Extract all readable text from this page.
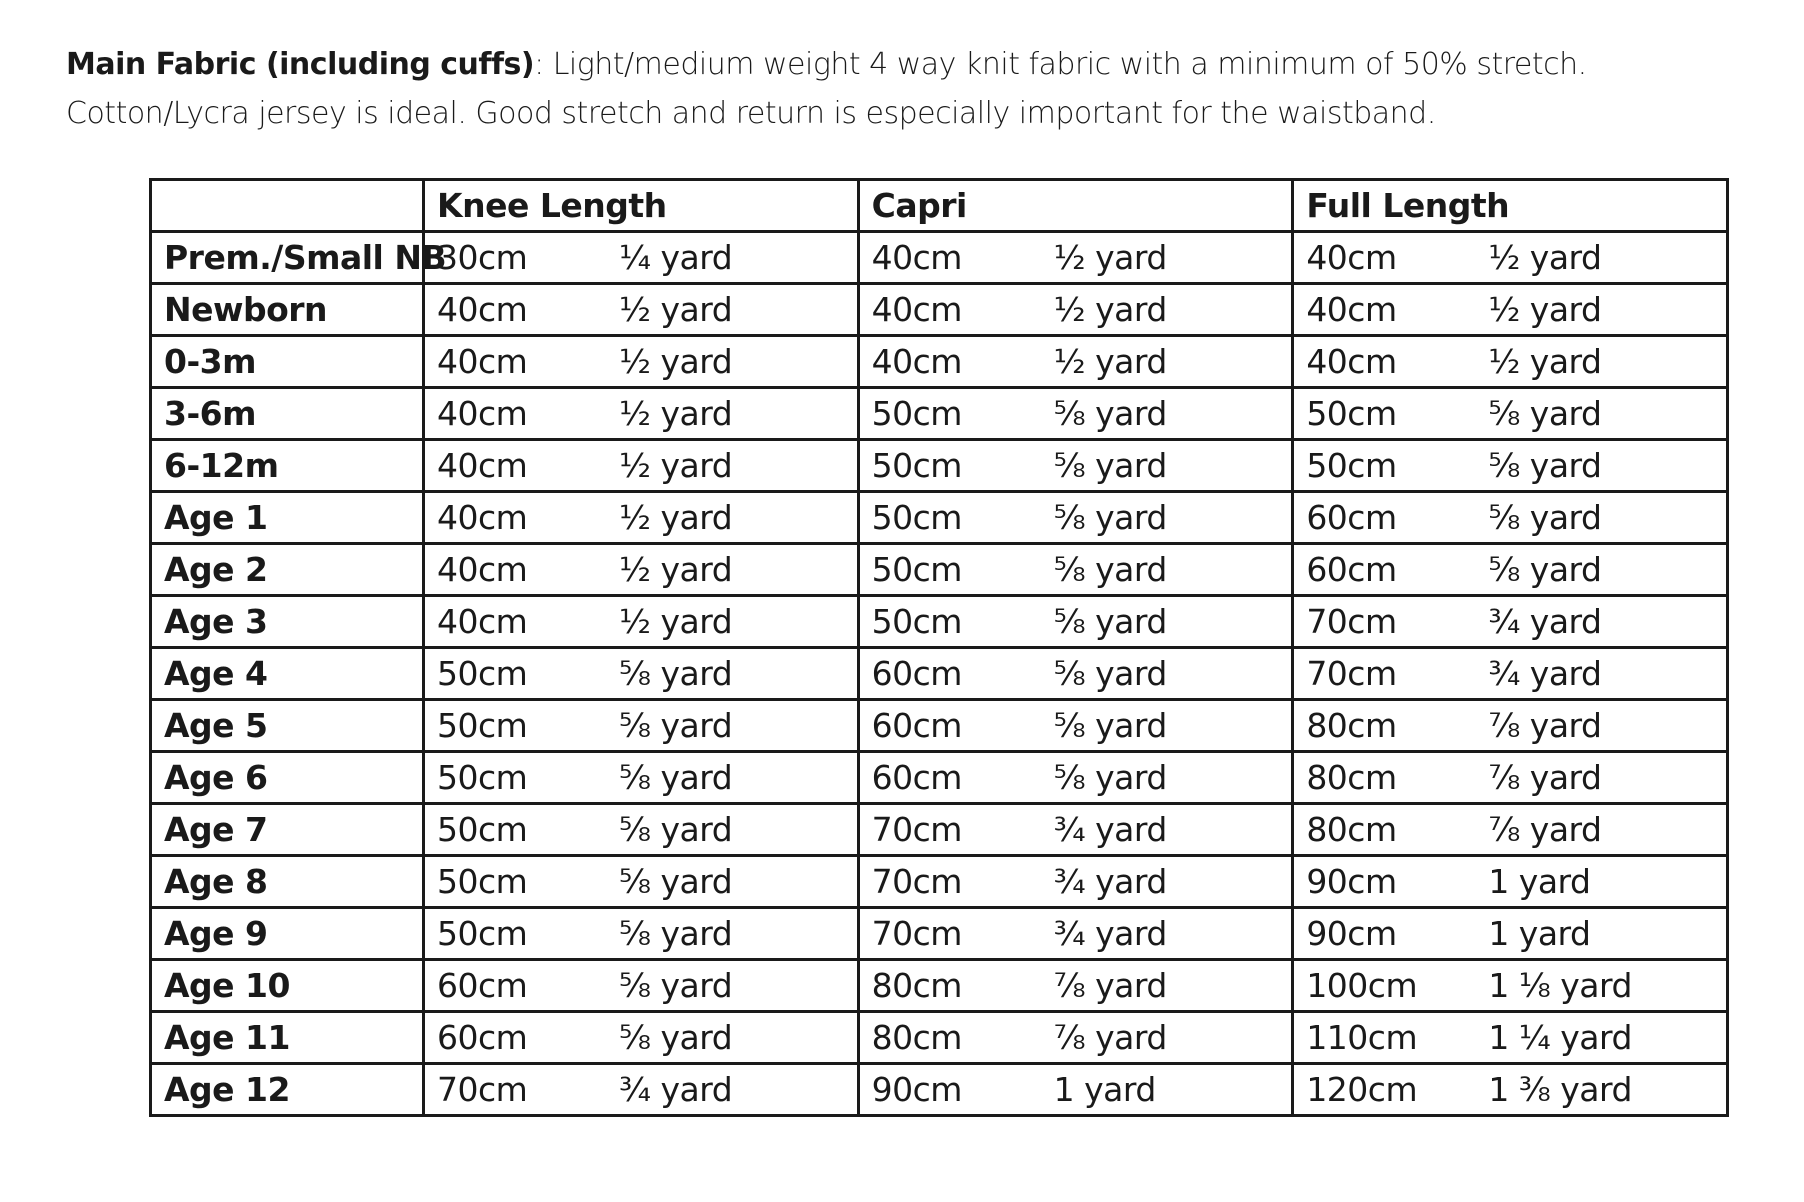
Main Fabric (including cuffs): Light/medium weight 4 way knit fabric with a minimum of 50% stretch. Cotton/Lycra jersey is ideal. Good stretch and return is especially important for the waistband.

	Knee Length	Capri	Full Length
Prem./Small NB	30cm ¼ yard	40cm ½ yard	40cm ½ yard

Newborn	40cm ½ yard	40cm ½ yard	40cm ½ yard

0-3m	40cm ½ yard	40cm ½ yard	40cm ½ yard

3-6m	40cm ½ yard	50cm ⅝ yard	50cm ⅝ yard

6-12m	40cm ½ yard	50cm ⅝ yard	50cm ⅝ yard

Age 1	40cm ½ yard	50cm ⅝ yard	60cm ⅝ yard

Age 2	40cm ½ yard	50cm ⅝ yard	60cm ⅝ yard

Age 3	40cm ½ yard	50cm ⅝ yard	70cm ¾ yard

Age 4	50cm ⅝ yard	60cm ⅝ yard	70cm ¾ yard

Age 5	50cm ⅝ yard	60cm ⅝ yard	80cm ⅞ yard

Age 6	50cm ⅝ yard	60cm ⅝ yard	80cm ⅞ yard

Age 7	50cm ⅝ yard	70cm ¾ yard	80cm ⅞ yard

Age 8	50cm ⅝ yard	70cm ¾ yard	90cm 1 yard

Age 9	50cm ⅝ yard	70cm ¾ yard	90cm 1 yard

Age 10	60cm ⅝ yard	80cm ⅞ yard	100cm 1 ⅛ yard

Age 11	60cm ⅝ yard	80cm ⅞ yard	110cm 1 ¼ yard

Age 12	70cm ¾ yard	90cm 1 yard	120cm 1 ⅜ yard
